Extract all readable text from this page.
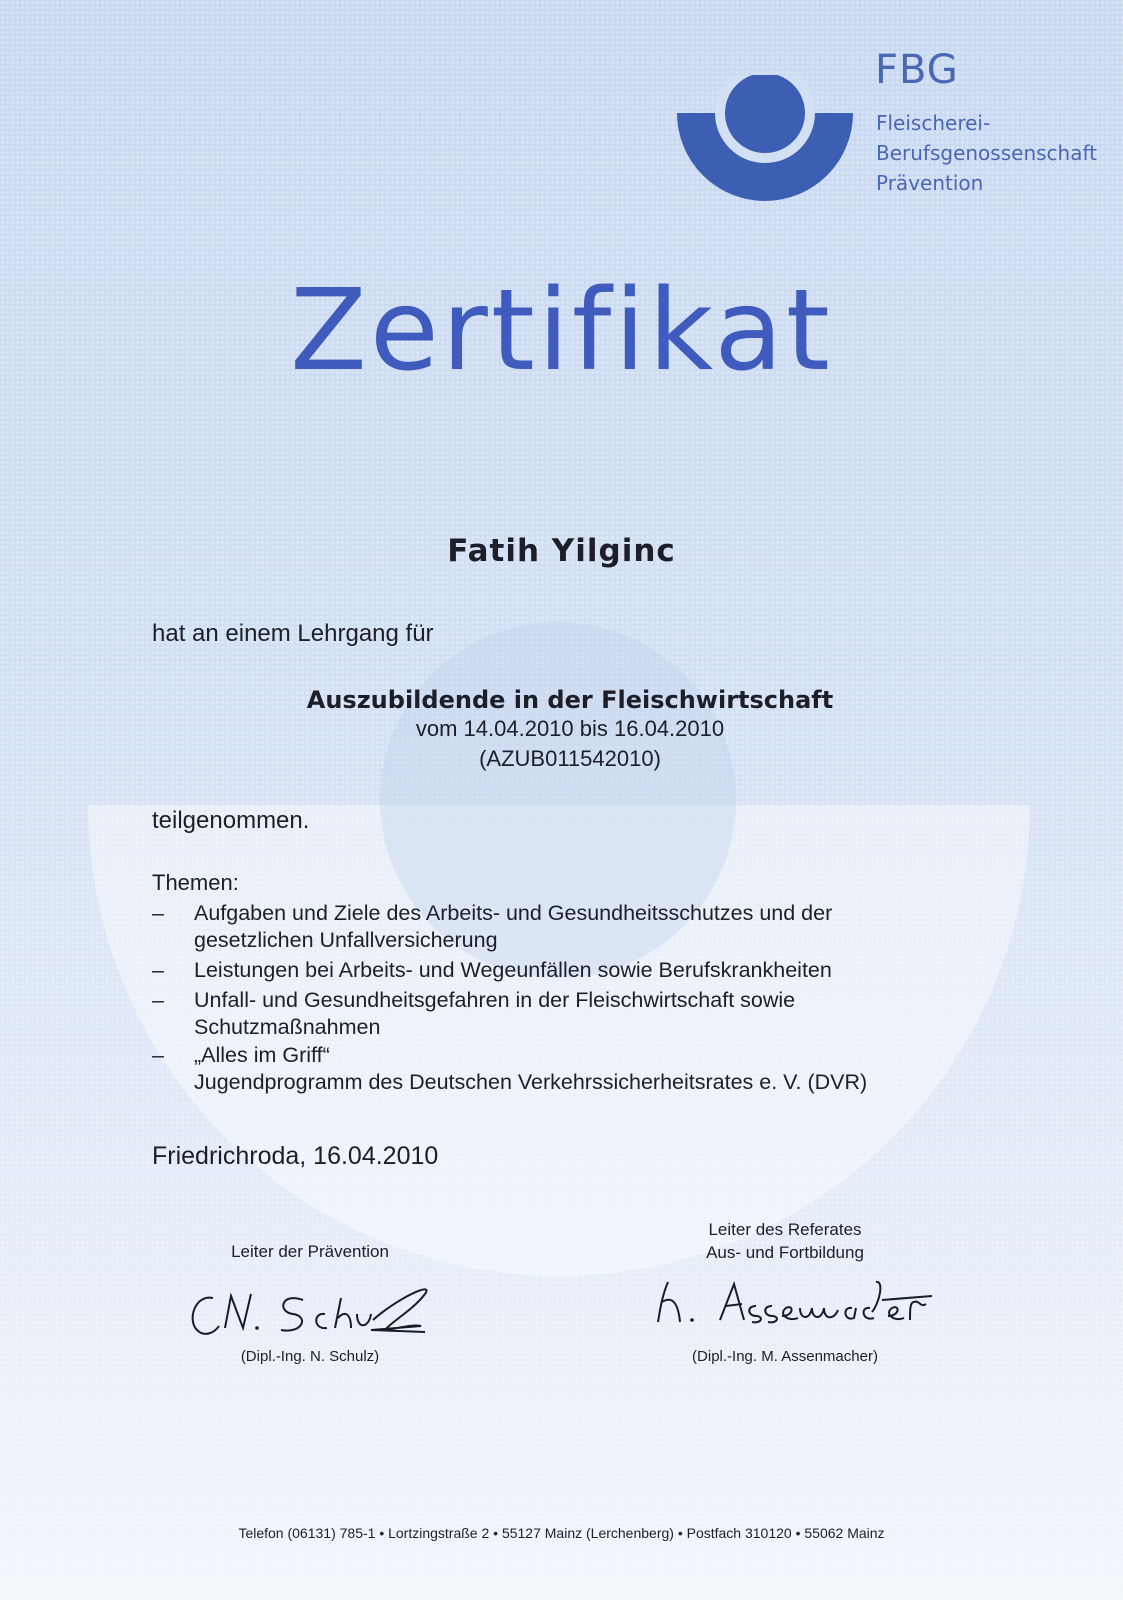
FBG
Fleischerei-
Berufsgenossenschaft
Prävention
Zertifikat
Fatih Yilginc
hat an einem Lehrgang für
Auszubildende in der Fleischwirtschaft
vom 14.04.2010 bis 16.04.2010
(AZUB011542010)
teilgenommen.
Themen:
– Aufgaben und Ziele des Arbeits- und Gesundheitsschutzes und der
gesetzlichen Unfallversicherung
– Leistungen bei Arbeits- und Wegeunfällen sowie Berufskrankheiten
– Unfall- und Gesundheitsgefahren in der Fleischwirtschaft sowie
Schutzmaßnahmen
– „Alles im Griff“
Jugendprogramm des Deutschen Verkehrssicherheitsrates e. V. (DVR)
Friedrichroda, 16.04.2010
Leiter der Prävention
(Dipl.-Ing. N. Schulz)
Leiter des Referates
Aus- und Fortbildung
(Dipl.-Ing. M. Assenmacher)
Telefon (06131) 785-1 • Lortzingstraße 2 • 55127 Mainz (Lerchenberg) • Postfach 310120 • 55062 Mainz
